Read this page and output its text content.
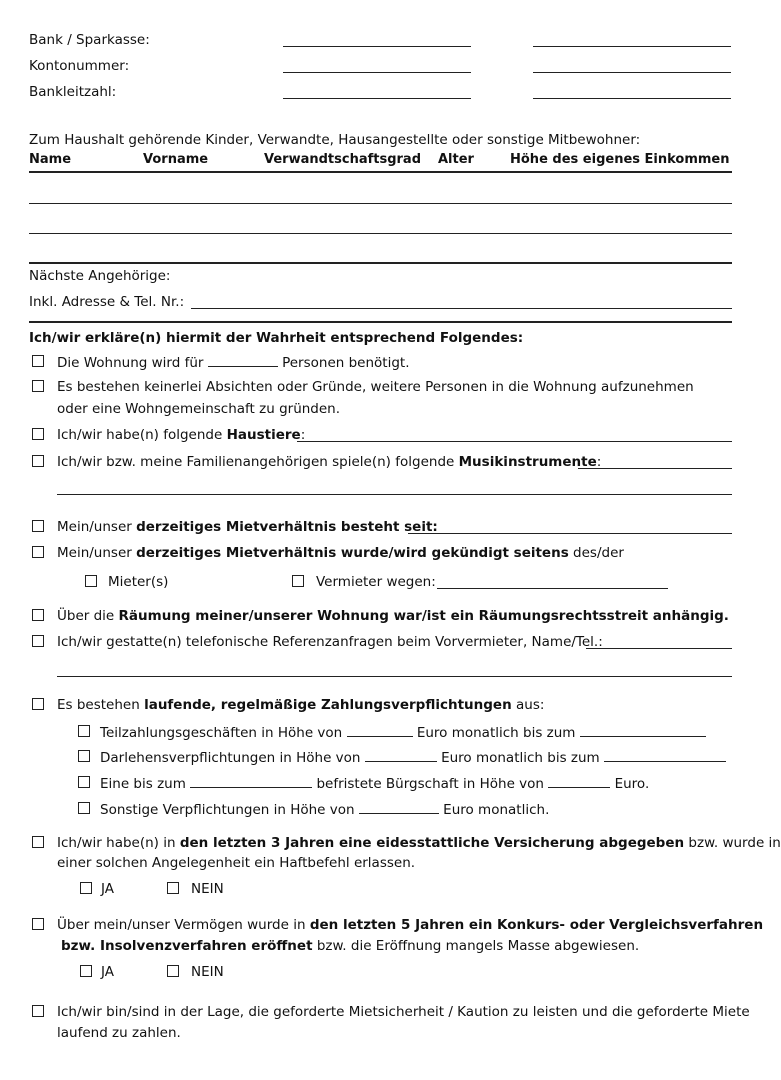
Bank / Sparkasse:
Kontonummer:
Bankleitzahl:
Zum Haushalt gehörende Kinder, Verwandte, Hausangestellte oder sonstige Mitbewohner:
Name	Vorname	Verwandtschaftsgrad Alter	Höhe des eigenes Einkommen
Nächste Angehörige:
Inkl. Adresse & Tel. Nr.:
Ich/wir erkläre(n) hiermit der Wahrheit entsprechend Folgendes:
Die Wohnung wird für	Personen benötigt.
Es bestehen keinerlei Absichten oder Gründe, weitere Personen in die Wohnung aufzunehmen
oder eine Wohngemeinschaft zu gründen.
Ich/wir habe(n) folgende Haustiere:
Ich/wir bzw. meine Familienangehörigen spiele(n) folgende Musikinstrumente:
Mein/unser derzeitiges Mietverhältnis besteht seit:
Mein/unser derzeitiges Mietverhältnis wurde/wird gekündigt seitens des/der
Mieter(s)	Vermieter wegen:
Über die Räumung meiner/unserer Wohnung war/ist ein Räumungsrechtsstreit anhängig.
Ich/wir gestatte(n) telefonische Referenzanfragen beim Vorvermieter, Name/Tel.:
Es bestehen laufende, regelmäßige Zahlungsverpflichtungen aus:
Teilzahlungsgeschäften in Höhe von	Euro monatlich bis zum
Darlehensverpflichtungen in Höhe von	Euro monatlich bis zum
Eine bis zum	befristete Bürgschaft in Höhe von	Euro.
Sonstige Verpflichtungen in Höhe von	Euro monatlich.
Ich/wir habe(n) in den letzten 3 Jahren eine eidesstattliche Versicherung abgegeben bzw. wurde in
einer solchen Angelegenheit ein Haftbefehl erlassen.
JA	NEIN
Über mein/unser Vermögen wurde in den letzten 5 Jahren ein Konkurs- oder Vergleichsverfahren
bzw. Insolvenzverfahren eröffnet bzw. die Eröffnung mangels Masse abgewiesen.
JA	NEIN
Ich/wir bin/sind in der Lage, die geforderte Mietsicherheit / Kaution zu leisten und die geforderte Miete
laufend zu zahlen.
